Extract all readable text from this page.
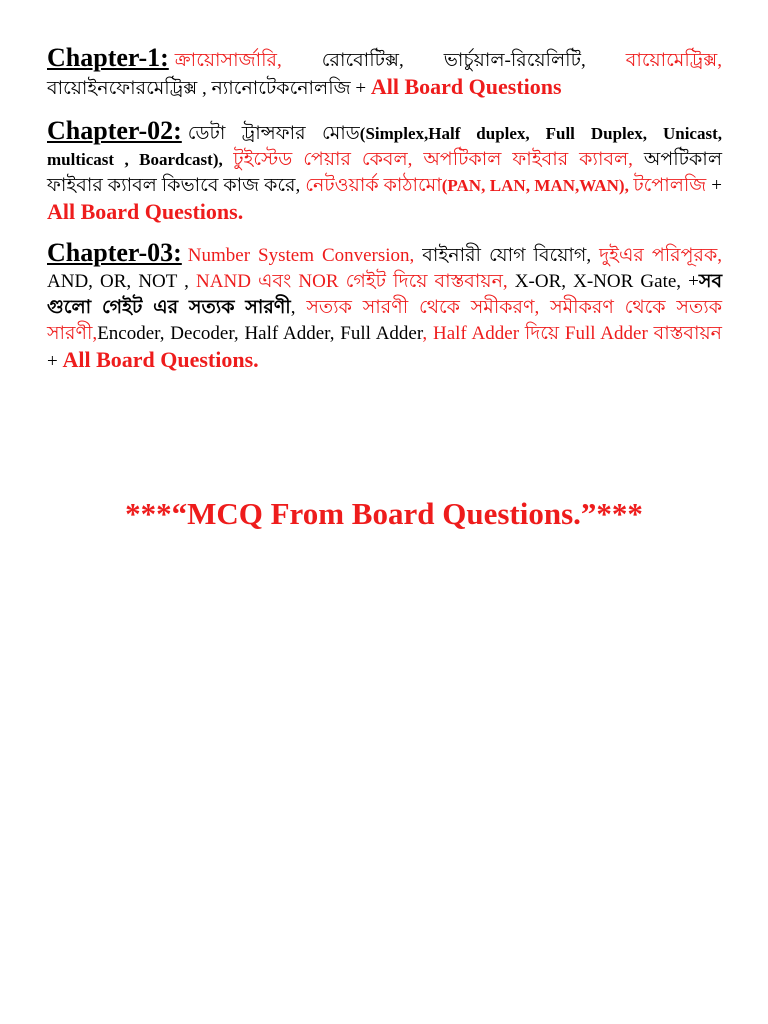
Chapter-1: ক্রায়োসার্জারি, রোবোটিক্স, ভার্চুয়াল-রিয়েলিটি, বায়োমেট্রিক্স, বায়োইনফোরমেট্রিক্স , ন্যানোটেকনোলজি + All Board Questions
Chapter-02: ডেটা ট্রান্সফার মোড(Simplex,Half duplex, Full Duplex, Unicast, multicast , Boardcast), টুইস্টেড পেয়ার কেবল, অপটিকাল ফাইবার ক্যাবল, অপটিকাল ফাইবার ক্যাবল কিভাবে কাজ করে, নেটওয়ার্ক কাঠামো(PAN, LAN, MAN,WAN), টপোলজি + All Board Questions.
Chapter-03: Number System Conversion, বাইনারী যোগ বিয়োগ, দুইএর পরিপূরক, AND, OR, NOT , NAND এবং NOR গেইট দিয়ে বাস্তবায়ন, X-OR, X-NOR Gate, +সব গুলো গেইট এর সত্যক সারণী, সত্যক সারণী থেকে সমীকরণ, সমীকরণ থেকে সত্যক সারণী,Encoder, Decoder, Half Adder, Full Adder, Half Adder দিয়ে Full Adder বাস্তবায়ন + All Board Questions.
***“MCQ From Board Questions.”***
